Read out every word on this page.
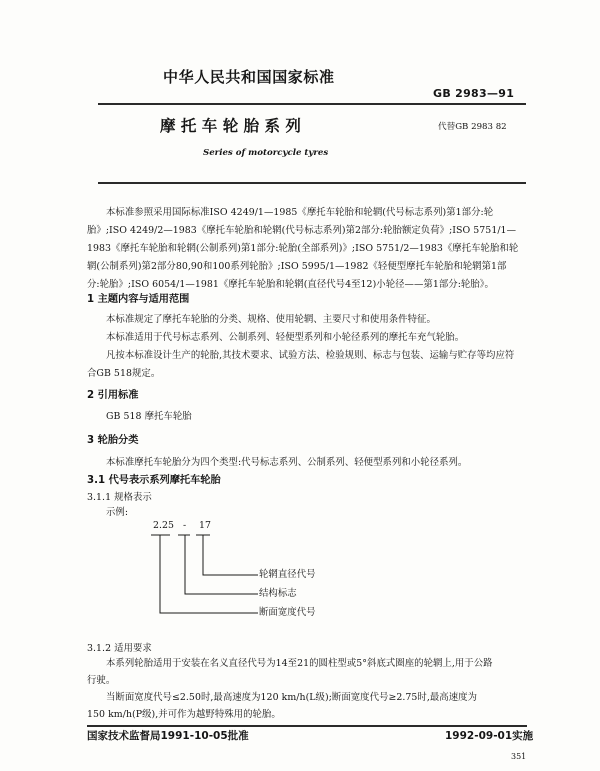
中华人民共和国国家标准
GB 2983—91
摩 托 车 轮 胎 系 列	代替GB 2983 82
Series of motorcycle tyres
本标准参照采用国际标准ISO 4249/1—1985《摩托车轮胎和轮辋(代号标志系列)第1部分:轮
胎》;ISO 4249/2—1983《摩托车轮胎和轮辋(代号标志系列)第2部分:轮胎额定负荷》;ISO 5751/1—
1983《摩托车轮胎和轮辋(公制系列)第1部分:轮胎(全部系列)》;ISO 5751/2—1983《摩托车轮胎和轮
辋(公制系列)第2部分80,90和100系列轮胎》;ISO 5995/1—1982《轻便型摩托车轮胎和轮辋第1部
分:轮胎》;ISO 6054/1—1981《摩托车轮胎和轮辋(直径代号4至12)小轮径——第1部分:轮胎》。
1 主题内容与适用范围
本标准规定了摩托车轮胎的分类、规格、使用轮辋、主要尺寸和使用条件特征。
本标准适用于代号标志系列、公制系列、轻便型系列和小轮径系列的摩托车充气轮胎。
凡按本标准设计生产的轮胎,其技术要求、试验方法、检验规则、标志与包装、运输与贮存等均应符
合GB 518规定。
2 引用标准
GB 518 摩托车轮胎
3 轮胎分类
本标准摩托车轮胎分为四个类型:代号标志系列、公制系列、轻便型系列和小轮径系列。
3.1 代号表示系列摩托车轮胎
3.1.1 规格表示
示例:
2.25 - 17
轮辋直径代号
结构标志
断面宽度代号
3.1.2 适用要求
本系列轮胎适用于安装在名义直径代号为14至21的圆柱型或5°斜底式圈座的轮辋上,用于公路
行驶。
当断面宽度代号≤2.50时,最高速度为120 km/h(L级);断面宽度代号≥2.75时,最高速度为
150 km/h(P级),并可作为越野特殊用的轮胎。
国家技术监督局1991-10-05批准	1992-09-01实施
351
